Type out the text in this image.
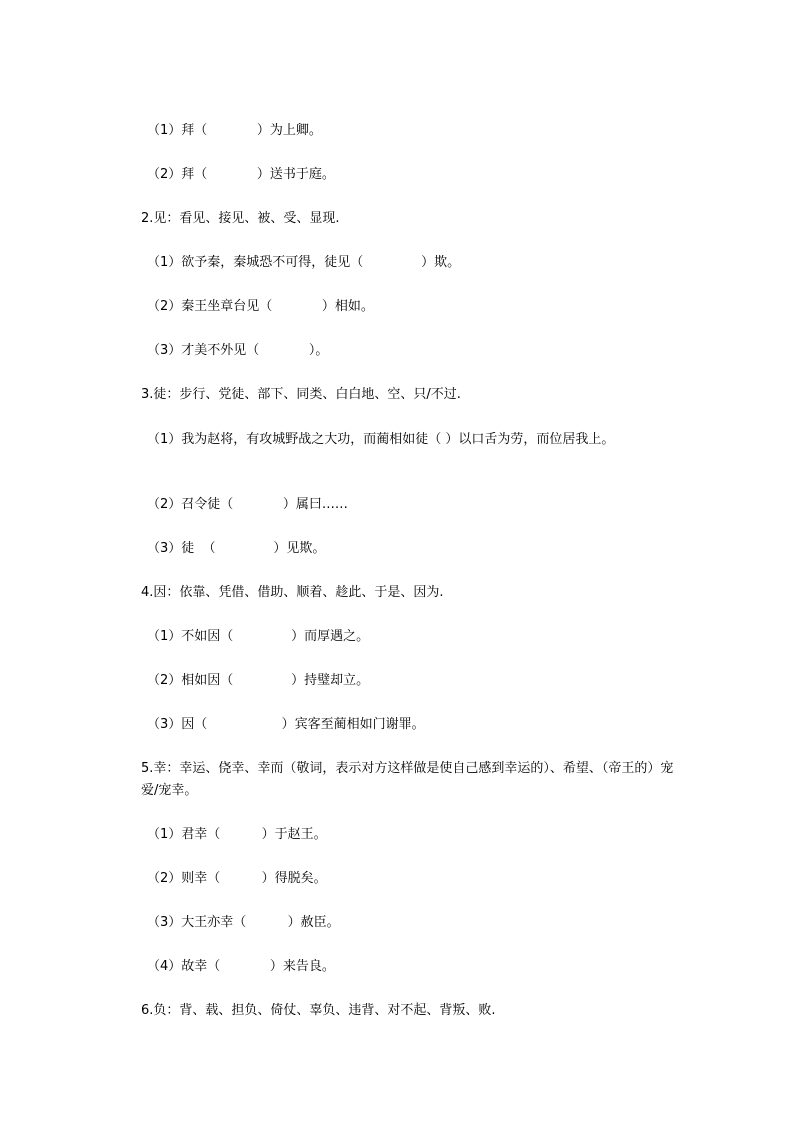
（1）拜（            ）为上卿。
（2）拜（            ）送书于庭。
2.见：看见、接见、被、受、显现.
（1）欲予秦，秦城恐不可得，徒见（              ）欺。
（2）秦王坐章台见（            ）相如。
（3）才美不外见（            ）。
3.徒：步行、党徒、部下、同类、白白地、空、只/不过.
（1）我为赵将，有攻城野战之大功，而蔺相如徒（ ）以口舌为劳，而位居我上。
（2）召令徒（            ）属曰……
（3）徒  （              ）见欺。
4.因：依靠、凭借、借助、顺着、趁此、于是、因为.
（1）不如因（              ）而厚遇之。
（2）相如因（              ）持璧却立。
（3）因（                  ）宾客至蔺相如门谢罪。
5.幸：幸运、侥幸、幸而（敬词，表示对方这样做是使自己感到幸运的）、希望、（帝王的）宠爱/宠幸。
（1）君幸（          ）于赵王。
（2）则幸（          ）得脱矣。
（3）大王亦幸（          ）赦臣。
（4）故幸（            ）来告良。
6.负：背、载、担负、倚仗、辜负、违背、对不起、背叛、败.
